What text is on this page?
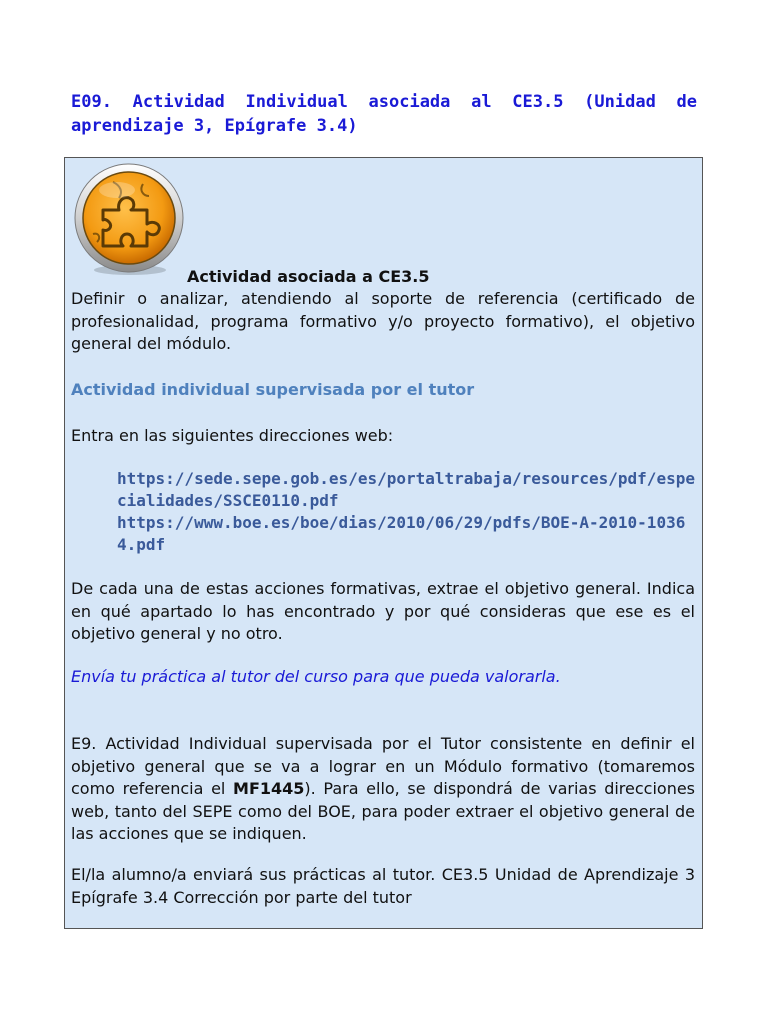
E09. Actividad Individual asociada al CE3.5 (Unidad de aprendizaje 3, Epígrafe 3.4)

Actividad asociada a CE3.5

Definir o analizar, atendiendo al soporte de referencia (certificado de profesionalidad, programa formativo y/o proyecto formativo), el objetivo general del módulo.

Actividad individual supervisada por el tutor

Entra en las siguientes direcciones web:

https://sede.sepe.gob.es/es/portaltrabaja/resources/pdf/especialidades/SSCE0110.pdf
https://www.boe.es/boe/dias/2010/06/29/pdfs/BOE-A-2010-10364.pdf

De cada una de estas acciones formativas, extrae el objetivo general. Indica en qué apartado lo has encontrado y por qué consideras que ese es el objetivo general y no otro.

Envía tu práctica al tutor del curso para que pueda valorarla.

E9. Actividad Individual supervisada por el Tutor consistente en definir el objetivo general que se va a lograr en un Módulo formativo (tomaremos como referencia el MF1445). Para ello, se dispondrá de varias direcciones web, tanto del SEPE como del BOE, para poder extraer el objetivo general de las acciones que se indiquen.

El/la alumno/a enviará sus prácticas al tutor. CE3.5 Unidad de Aprendizaje 3 Epígrafe 3.4 Corrección por parte del tutor
